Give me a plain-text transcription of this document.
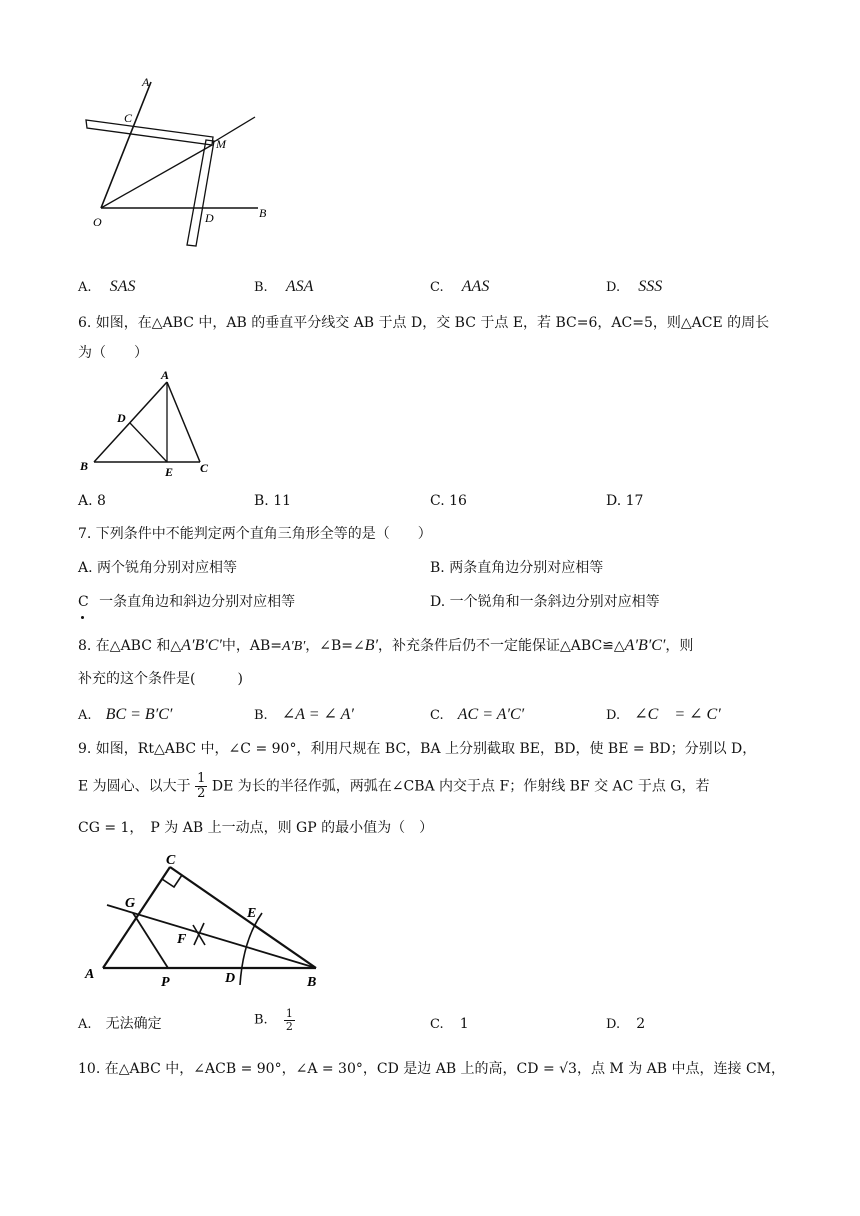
A
C
M
O	D	B
A. SAS	B. ASA	C. AAS	D. SSS
6. 如图，在△ABC 中，AB 的垂直平分线交 AB 于点 D，交 BC 于点 E，若 BC=6，AC=5，则△ACE 的周长
为（　　）
A
D
B	E C
A. 8	B. 11	C. 16	D. 17
7. 下列条件中不能判定两个直角三角形全等的是（　　）
A. 两个锐角分别对应相等	B. 两条直角边分别对应相等
C 一条直角边和斜边分别对应相等	D. 一个锐角和一条斜边分别对应相等
8. 在△ABC 和△A′B′C′中，AB=A′B′，∠B=∠B′，补充条件后仍不一定能保证△ABC≌△A′B′C′，则
补充的这个条件是(　　　)
A. BC = B′C′	B. ∠A = ∠ A′	C. AC = A′C′	D. ∠C　= ∠ C′
9. 如图，Rt△ABC 中，∠C = 90°，利用尺规在 BC，BA 上分别截取 BE，BD，使 BE = BD；分别以 D，
E 为圆心、以大于 $\frac{1}{2}$ DE 为长的半径作弧，两弧在∠CBA 内交于点 F；作射线 BF 交 AC 于点 G，若
CG = 1，　P 为 AB 上一动点，则 GP 的最小值为（　）
C
G
E
F
A
P	D	B
A. 无法确定	B. $\frac{1}{2}$	C. 1	D. 2
10. 在△ABC 中，∠ACB = 90°，∠A = 30°，CD 是边 AB 上的高，CD = √3，点 M 为 AB 中点，连接 CM，
